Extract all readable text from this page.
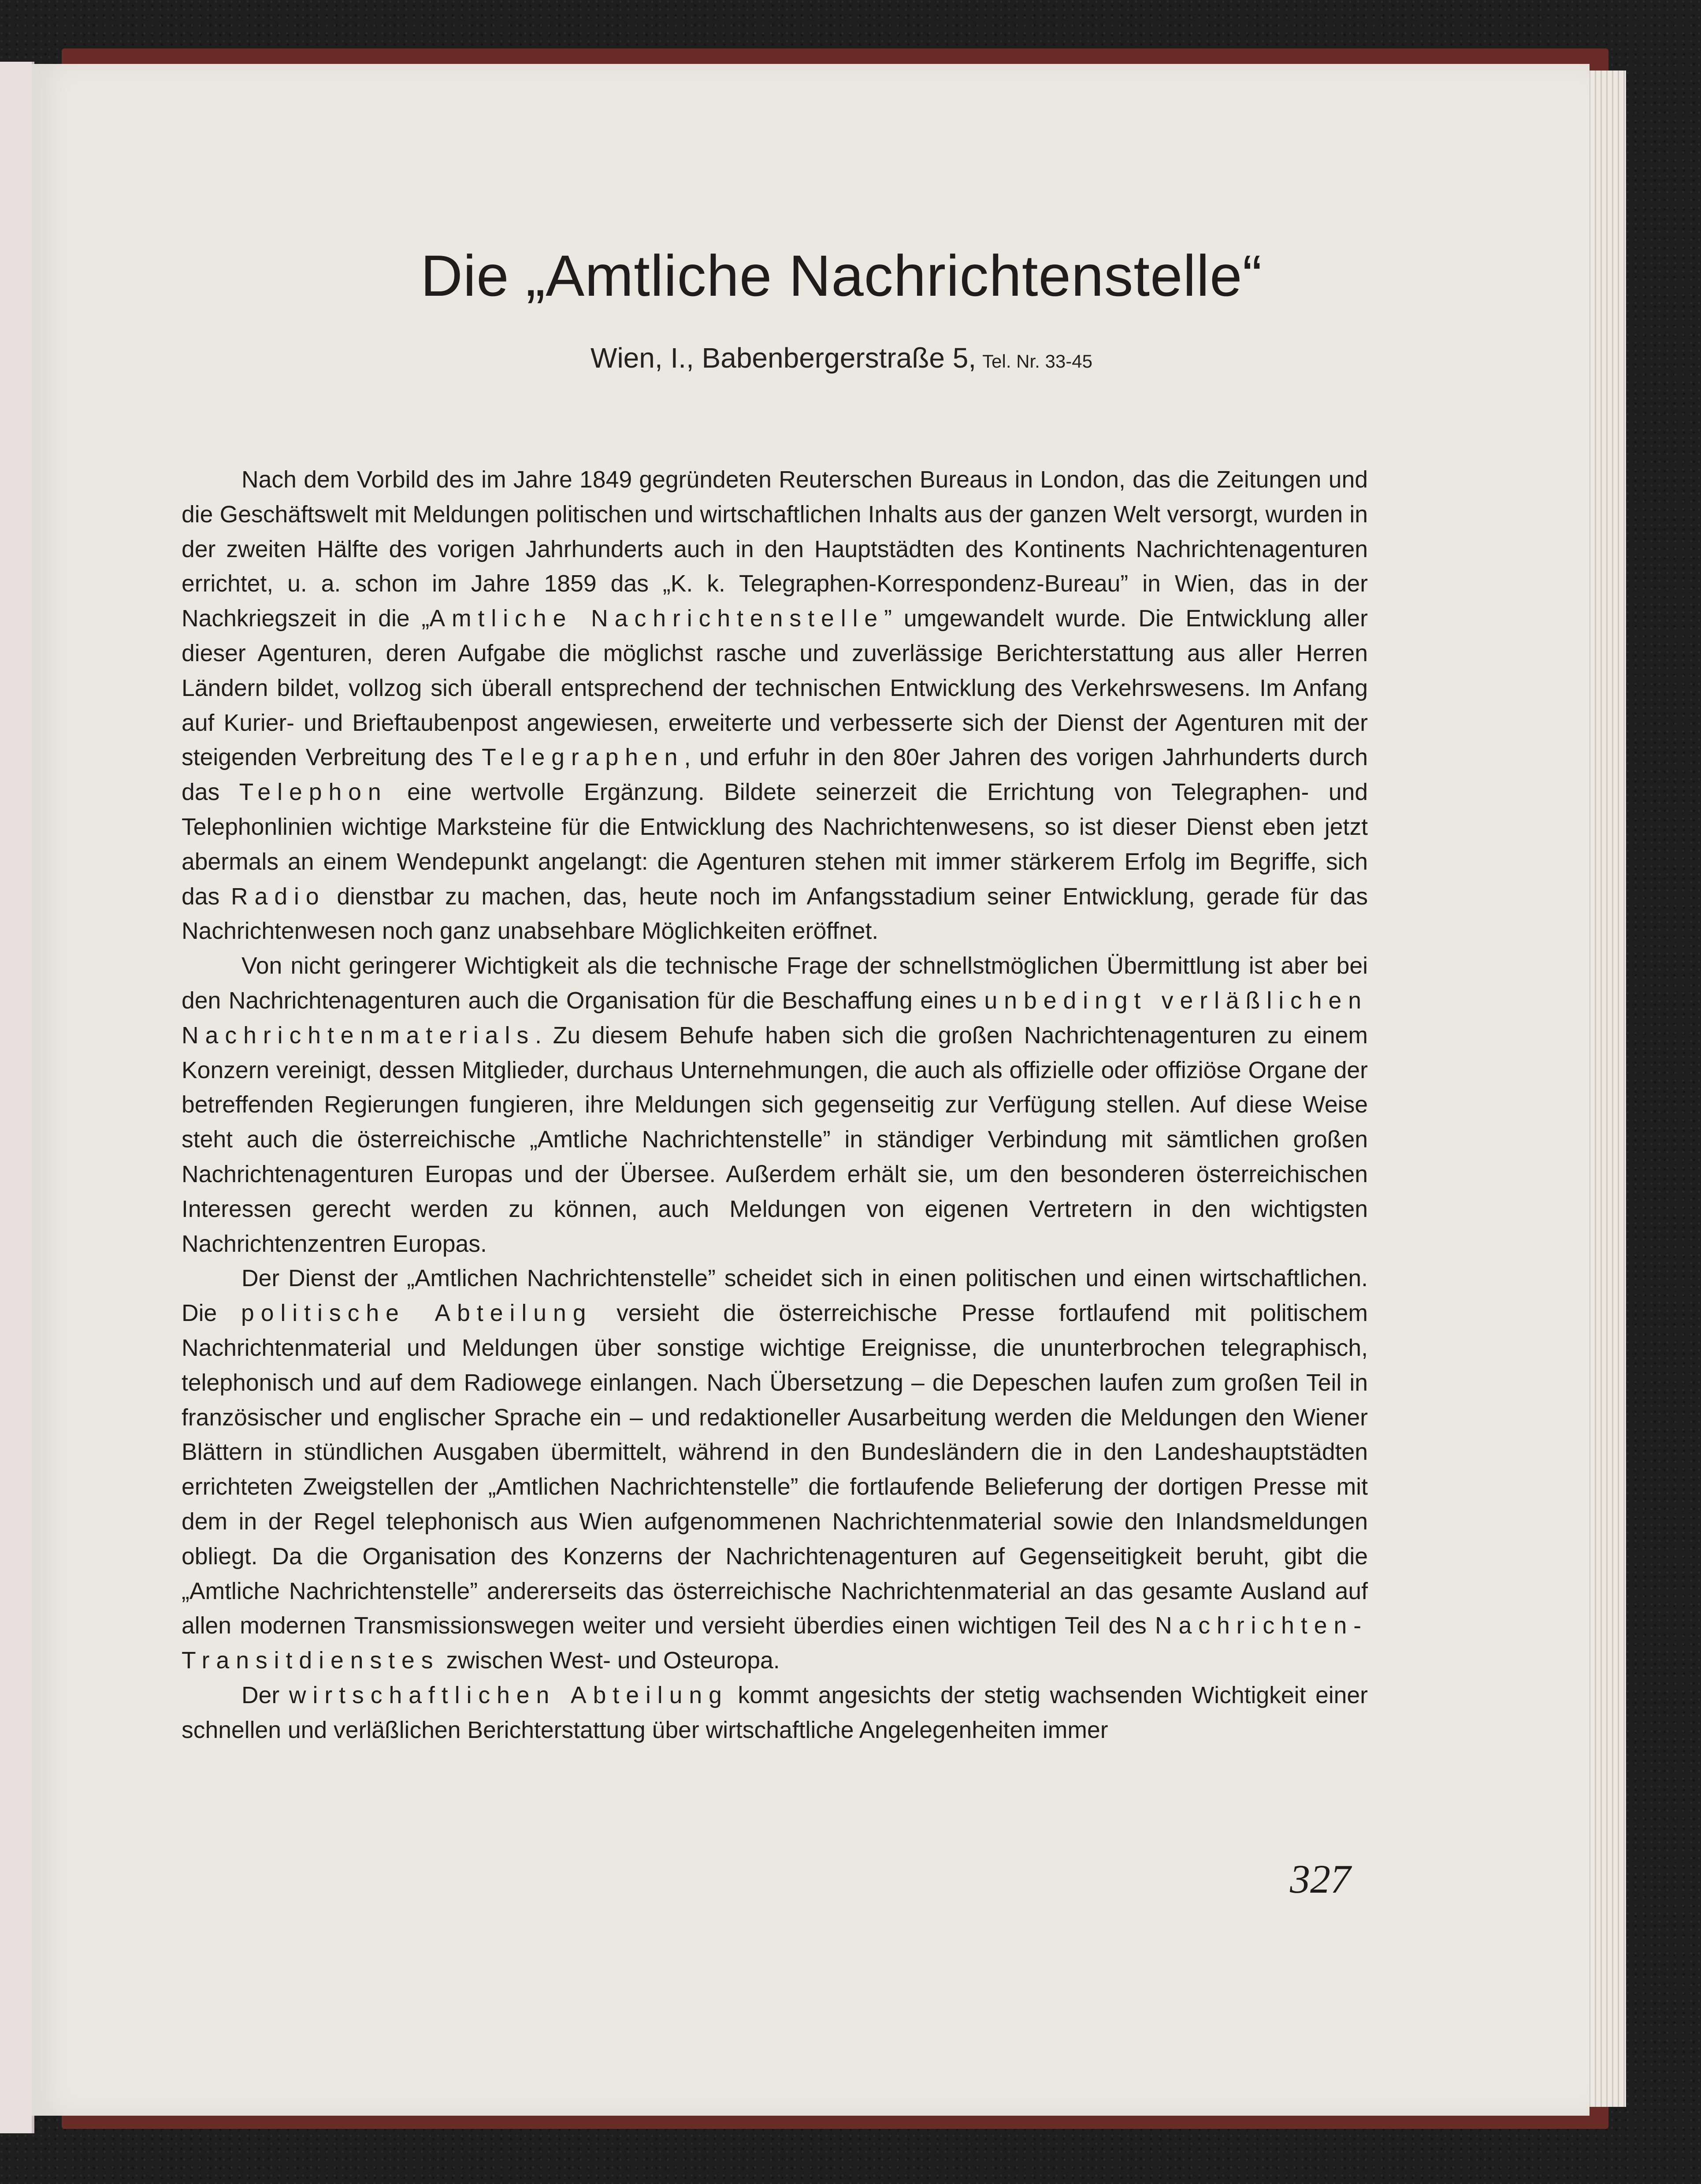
Die „Amtliche Nachrichtenstelle“
Wien, I., Babenbergerstraße 5, Tel. Nr. 33-45

Nach dem Vorbild des im Jahre 1849 gegründeten Reuterschen Bureaus in London, das die Zeitungen und die Geschäftswelt mit Meldungen politischen und wirtschaftlichen Inhalts aus der ganzen Welt versorgt, wurden in der zweiten Hälfte des vorigen Jahrhunderts auch in den Hauptstädten des Kontinents Nachrichtenagenturen errichtet, u. a. schon im Jahre 1859 das „K. k. Telegraphen-Korrespondenz-Bureau” in Wien, das in der Nachkriegszeit in die „Amtliche Nachrichtenstelle” umgewandelt wurde. Die Entwicklung aller dieser Agenturen, deren Aufgabe die möglichst rasche und zuverlässige Berichterstattung aus aller Herren Ländern bildet, vollzog sich überall entsprechend der technischen Entwicklung des Verkehrswesens. Im Anfang auf Kurier- und Brieftaubenpost angewiesen, erweiterte und verbesserte sich der Dienst der Agenturen mit der steigenden Verbreitung des Telegraphen, und erfuhr in den 80er Jahren des vorigen Jahrhunderts durch das Telephon eine wertvolle Ergänzung. Bildete seinerzeit die Errichtung von Telegraphen- und Telephonlinien wichtige Marksteine für die Entwicklung des Nachrichtenwesens, so ist dieser Dienst eben jetzt abermals an einem Wendepunkt angelangt: die Agenturen stehen mit immer stärkerem Erfolg im Begriffe, sich das Radio dienstbar zu machen, das, heute noch im Anfangsstadium seiner Entwicklung, gerade für das Nachrichtenwesen noch ganz unabsehbare Möglichkeiten eröffnet.

Von nicht geringerer Wichtigkeit als die technische Frage der schnellstmöglichen Übermittlung ist aber bei den Nachrichtenagenturen auch die Organisation für die Beschaffung eines unbedingt verläßlichen Nachrichtenmaterials. Zu diesem Behufe haben sich die großen Nachrichtenagenturen zu einem Konzern vereinigt, dessen Mitglieder, durchaus Unternehmungen, die auch als offizielle oder offiziöse Organe der betreffenden Regierungen fungieren, ihre Meldungen sich gegenseitig zur Verfügung stellen. Auf diese Weise steht auch die österreichische „Amtliche Nachrichtenstelle” in ständiger Verbindung mit sämtlichen großen Nachrichtenagenturen Europas und der Übersee. Außerdem erhält sie, um den besonderen österreichischen Interessen gerecht werden zu können, auch Meldungen von eigenen Vertretern in den wichtigsten Nachrichtenzentren Europas.

Der Dienst der „Amtlichen Nachrichtenstelle” scheidet sich in einen politischen und einen wirtschaftlichen. Die politische Abteilung versieht die österreichische Presse fortlaufend mit politischem Nachrichtenmaterial und Meldungen über sonstige wichtige Ereignisse, die ununterbrochen telegraphisch, telephonisch und auf dem Radiowege einlangen. Nach Übersetzung – die Depeschen laufen zum großen Teil in französischer und englischer Sprache ein – und redaktioneller Ausarbeitung werden die Meldungen den Wiener Blättern in stündlichen Ausgaben übermittelt, während in den Bundesländern die in den Landeshauptstädten errichteten Zweigstellen der „Amtlichen Nachrichtenstelle” die fortlaufende Belieferung der dortigen Presse mit dem in der Regel telephonisch aus Wien aufgenommenen Nachrichtenmaterial sowie den Inlandsmeldungen obliegt. Da die Organisation des Konzerns der Nachrichtenagenturen auf Gegenseitigkeit beruht, gibt die „Amtliche Nachrichtenstelle” andererseits das österreichische Nachrichtenmaterial an das gesamte Ausland auf allen modernen Transmissionswegen weiter und versieht überdies einen wichtigen Teil des Nachrichten-Transitdienstes zwischen West- und Osteuropa.

Der wirtschaftlichen Abteilung kommt angesichts der stetig wachsenden Wichtigkeit einer schnellen und verläßlichen Berichterstattung über wirtschaftliche Angelegenheiten immer

327
